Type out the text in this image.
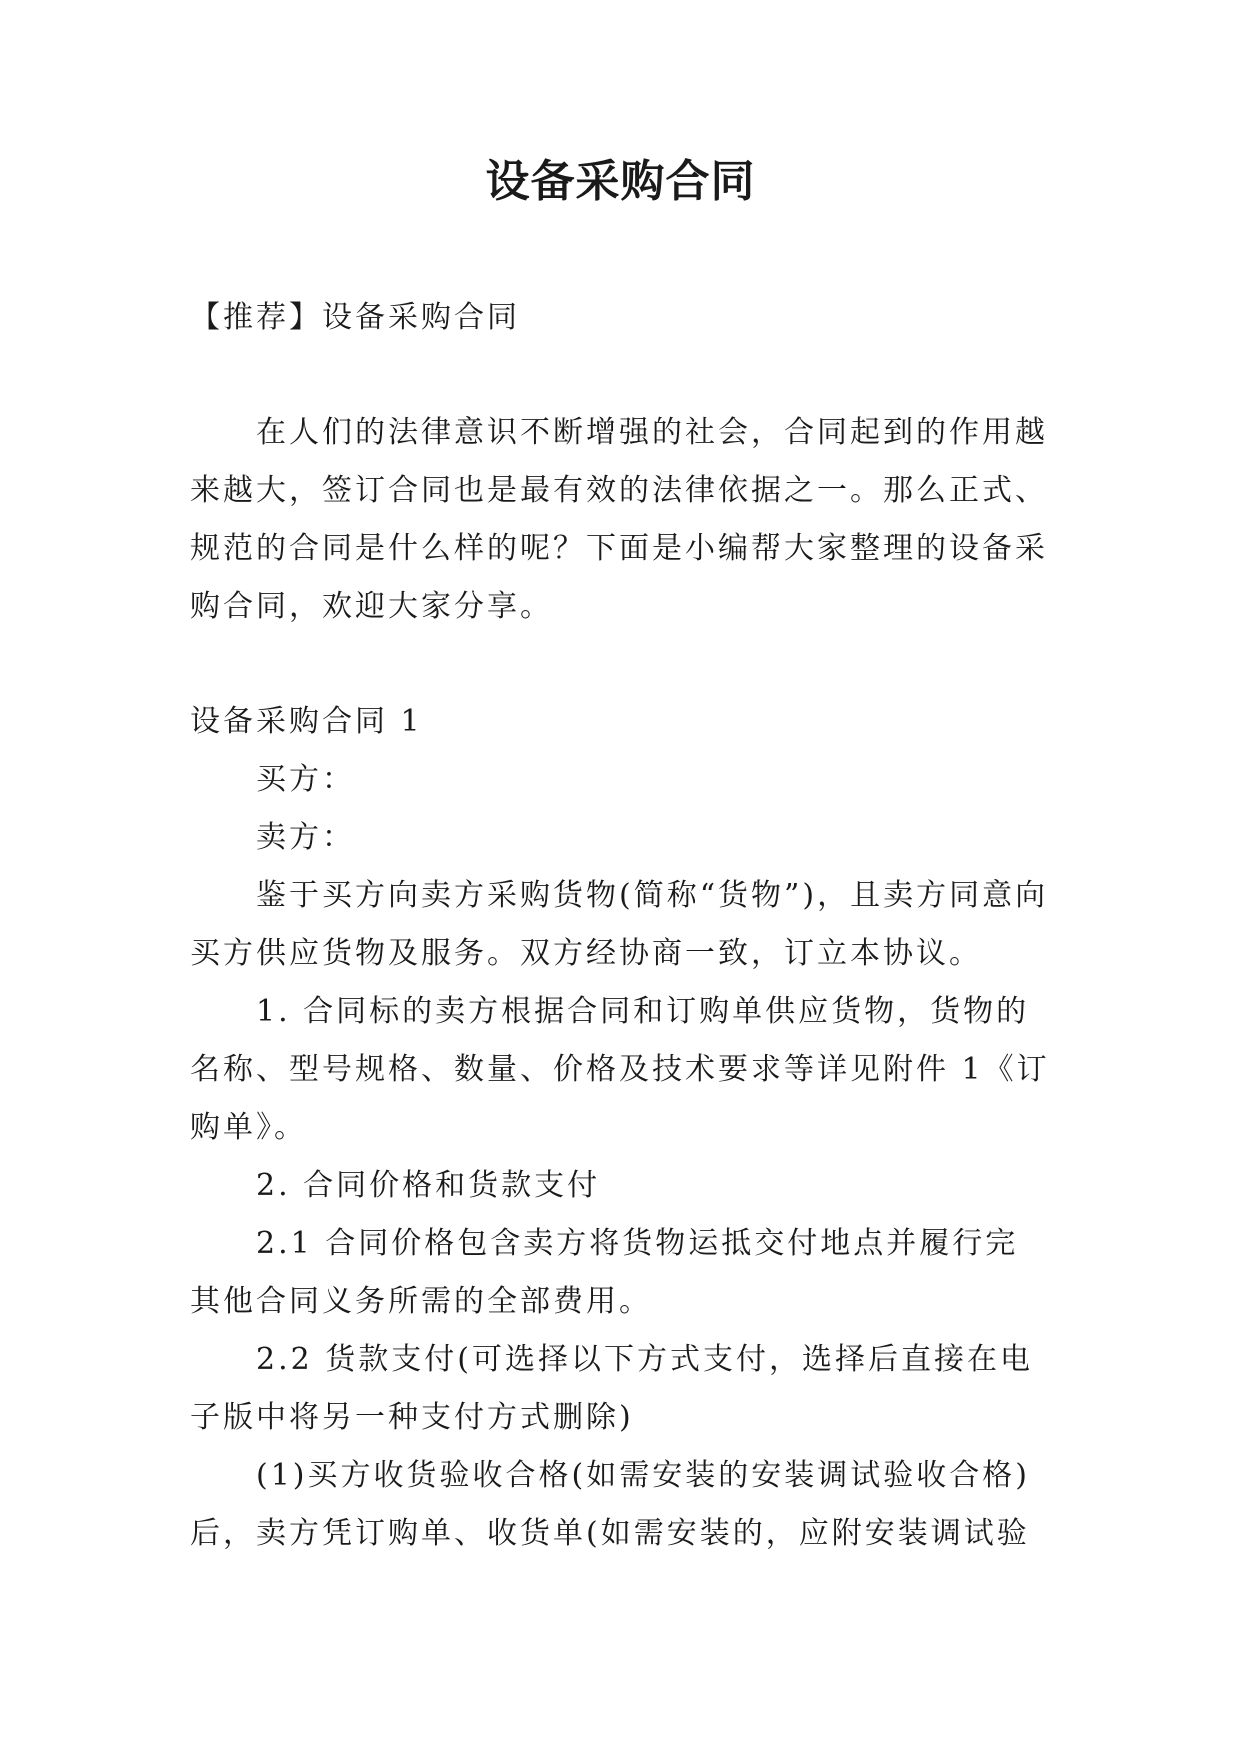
设备采购合同

【推荐】设备采购合同

在人们的法律意识不断增强的社会，合同起到的作用越来越大，签订合同也是最有效的法律依据之一。那么正式、规范的合同是什么样的呢？下面是小编帮大家整理的设备采购合同，欢迎大家分享。

设备采购合同 1

买方：

卖方：

鉴于买方向卖方采购货物(简称“货物”)，且卖方同意向买方供应货物及服务。双方经协商一致，订立本协议。

1. 合同标的卖方根据合同和订购单供应货物，货物的名称、型号规格、数量、价格及技术要求等详见附件 1《订购单》。

2. 合同价格和货款支付

2.1 合同价格包含卖方将货物运抵交付地点并履行完其他合同义务所需的全部费用。

2.2 货款支付(可选择以下方式支付，选择后直接在电子版中将另一种支付方式删除)

(1)买方收货验收合格(如需安装的安装调试验收合格)后，卖方凭订购单、收货单(如需安装的，应附安装调试验
